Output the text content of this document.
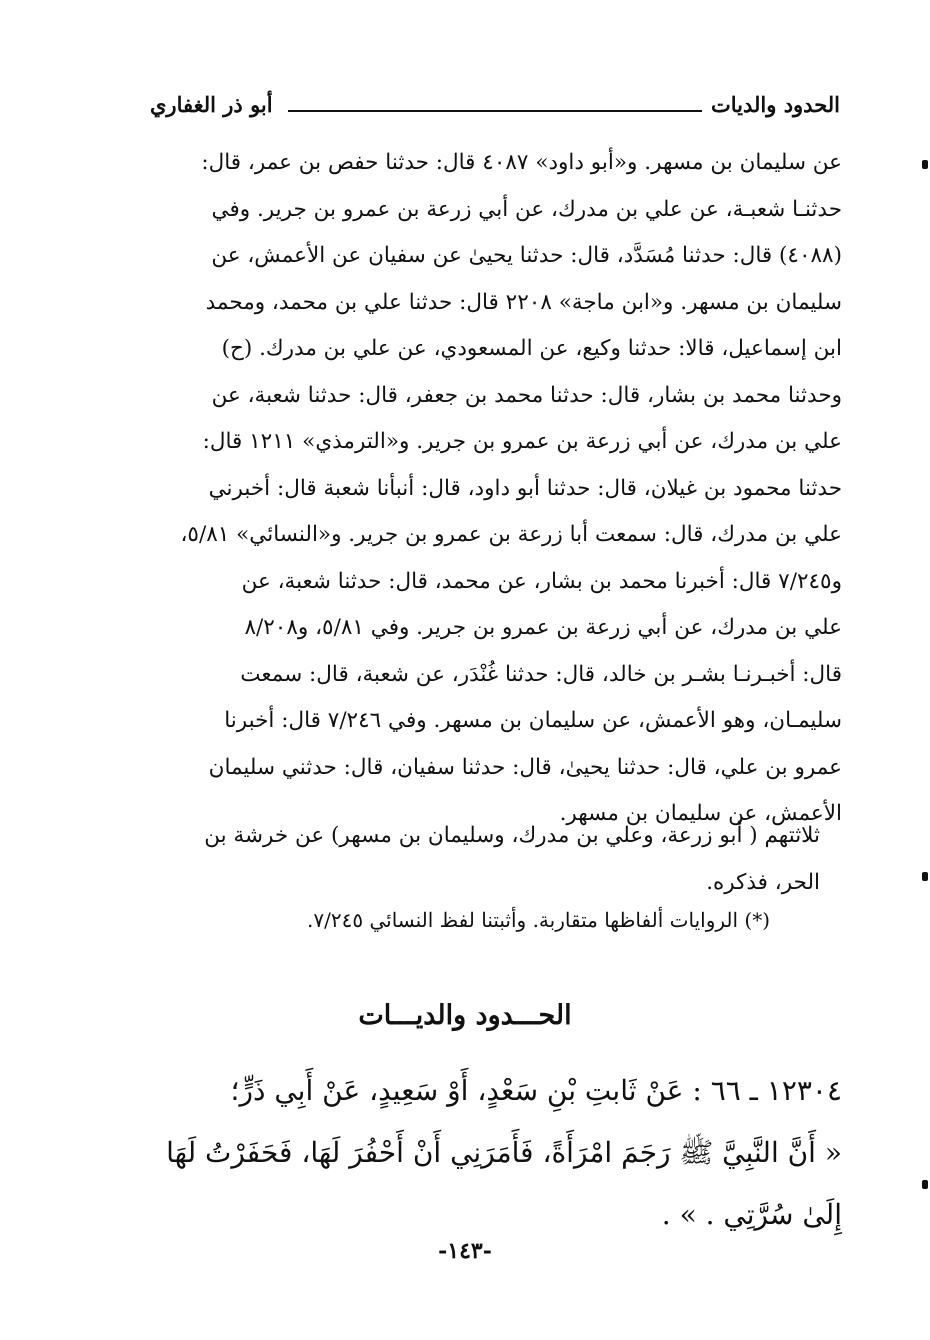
الحدود والديات
أبو ذر الغفاري

عن سليمان بن مسهر. و«أبو داود» ٤٠٨٧ قال: حدثنا حفص بن عمر، قال:

حدثنـا شعبـة، عن علي بن مدرك، عن أبي زرعة بن عمرو بن جرير. وفي

(٤٠٨٨) قال: حدثنا مُسَدَّد، قال: حدثنا يحيىٰ عن سفيان عن الأعمش، عن

سليمان بن مسهر. و«ابن ماجة» ٢٢٠٨ قال: حدثنا علي بن محمد، ومحمد

ابن إسماعيل، قالا: حدثنا وكيع، عن المسعودي، عن علي بن مدرك. (ح)

وحدثنا محمد بن بشار، قال: حدثنا محمد بن جعفر، قال: حدثنا شعبة، عن

علي بن مدرك، عن أبي زرعة بن عمرو بن جرير. و«الترمذي» ١٢١١ قال:

حدثنا محمود بن غيلان، قال: حدثنا أبو داود، قال: أنبأنا شعبة قال: أخبرني

علي بن مدرك، قال: سمعت أبا زرعة بن عمرو بن جرير. و«النسائي» ٥/٨١،

و٧/٢٤٥ قال: أخبرنا محمد بن بشار، عن محمد، قال: حدثنا شعبة، عن

علي بن مدرك، عن أبي زرعة بن عمرو بن جرير. وفي ٥/٨١، و٨/٢٠٨

قال: أخبـرنـا بشـر بن خالد، قال: حدثنا غُنْدَر، عن شعبة، قال: سمعت

سليمـان، وهو الأعمش، عن سليمان بن مسهر. وفي ٧/٢٤٦ قال: أخبرنا

عمرو بن علي، قال: حدثنا يحيىٰ، قال: حدثنا سفيان، قال: حدثني سليمان

الأعمش، عن سليمان بن مسهر.

ثلاثتهم ( أبو زرعة، وعلي بن مدرك، وسليمان بن مسهر) عن خرشة بن

الحر، فذكره.

(*) الروايات ألفاظها متقاربة. وأثبتنا لفظ النسائي ٧/٢٤٥.
الحـــدود والديـــات

١٢٣٠٤ ـ ٦٦ : عَنْ ثَابتِ بْنِ سَعْدٍ، أَوْ سَعِيدٍ، عَنْ أَبِي ذَرٍّ؛

« أَنَّ النَّبِيَّ ﷺ رَجَمَ امْرَأَةً، فَأَمَرَنِي أَنْ أَحْفُرَ لَهَا، فَحَفَرْتُ لَهَا

إِلَىٰ سُرَّتِي . » .

-١٤٣-
